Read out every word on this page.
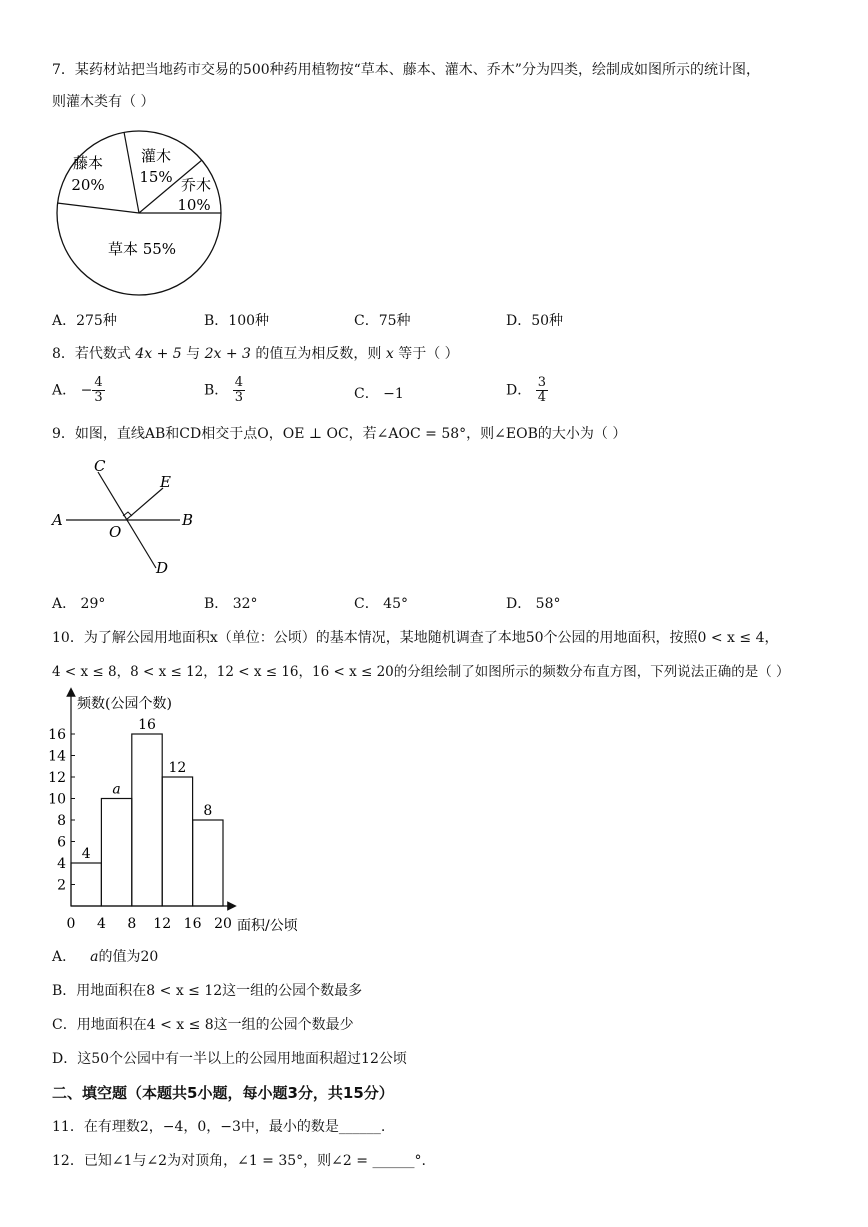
7．某药材站把当地药市交易的500种药用植物按“草本、藤本、灌木、乔木”分为四类，绘制成如图所示的统计图，
则灌木类有（ ）
藤本
20%
灌木
15% 乔木
10%
草本 55%
A．275种	B．100种	C．75种	D．50种
8．若代数式 4x + 5 与 2x + 3 的值互为相反数，则 x 等于（ ）
A． − $\frac{4}{3}$	B． $\frac{4}{3}$	C． −1	D． $\frac{3}{4}$
9．如图，直线AB和CD相交于点O，OE ⊥ OC，若∠AOC = 58°，则∠EOB的大小为（ ）
C
E
A	B
O
D
A． 29°	B． 32°	C． 45°	D． 58°
10．为了解公园用地面积x（单位：公顷）的基本情况，某地随机调查了本地50个公园的用地面积，按照0 < x ≤ 4，
4 < x ≤ 8，8 < x ≤ 12，12 < x ≤ 16，16 < x ≤ 20的分组绘制了如图所示的频数分布直方图，下列说法正确的是（ ）
频数(公园个数)
面积/公顷
2
4
6
8
10
12
14
16
0 4 8 12 16 20
4
a
16
12
8
A． a的值为20
B．用地面积在8 < x ≤ 12这一组的公园个数最多
C．用地面积在4 < x ≤ 8这一组的公园个数最少
D．这50个公园中有一半以上的公园用地面积超过12公顷
二、填空题（本题共5小题，每小题3分，共15分）
11．在有理数2，−4，0，−3中，最小的数是______.
12．已知∠1与∠2为对顶角，∠1 = 35°，则∠2 = ______°.
